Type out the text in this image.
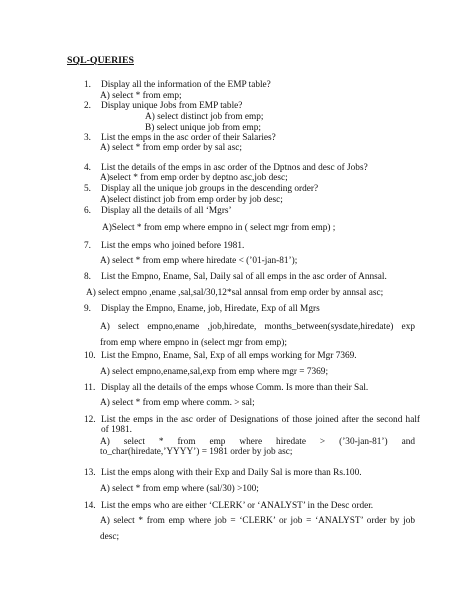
SQL-QUERIES
1. Display all the information of the EMP table?
A) select * from emp;
2. Display unique Jobs from EMP table?
A) select distinct job from emp;
B) select unique job from emp;
3. List the emps in the asc order of their Salaries?
A) select * from emp order by sal asc;
4. List the details of the emps in asc order of the Dptnos and desc of Jobs?
A)select * from emp order by deptno asc,job desc;
5. Display all the unique job groups in the descending order?
A)select distinct job from emp order by job desc;
6. Display all the details of all ‘Mgrs’
A)Select * from emp where empno in ( select mgr from emp) ;
7. List the emps who joined before 1981.
A) select * from emp where hiredate < (’01-jan-81’);
8. List the Empno, Ename, Sal, Daily sal of all emps in the asc order of Annsal.
A) select empno ,ename ,sal,sal/30,12*sal annsal from emp order by annsal asc;
9. Display the Empno, Ename, job, Hiredate, Exp of all Mgrs
A) select empno,ename ,job,hiredate, months_between(sysdate,hiredate) exp
from emp where empno in (select mgr from emp);
10. List the Empno, Ename, Sal, Exp of all emps working for Mgr 7369.
A) select empno,ename,sal,exp from emp where mgr = 7369;
11. Display all the details of the emps whose Comm. Is more than their Sal.
A) select * from emp where comm. > sal;
12. List the emps in the asc order of Designations of those joined after the second half
of 1981.
A) select * from emp where hiredate > (’30-jan-81’) and
to_char(hiredate,’YYYY’) = 1981 order by job asc;
13. List the emps along with their Exp and Daily Sal is more than Rs.100.
A) select * from emp where (sal/30) >100;
14. List the emps who are either ‘CLERK’ or ‘ANALYST’ in the Desc order.
A) select * from emp where job = ‘CLERK’ or job = ‘ANALYST’ order by job
desc;
